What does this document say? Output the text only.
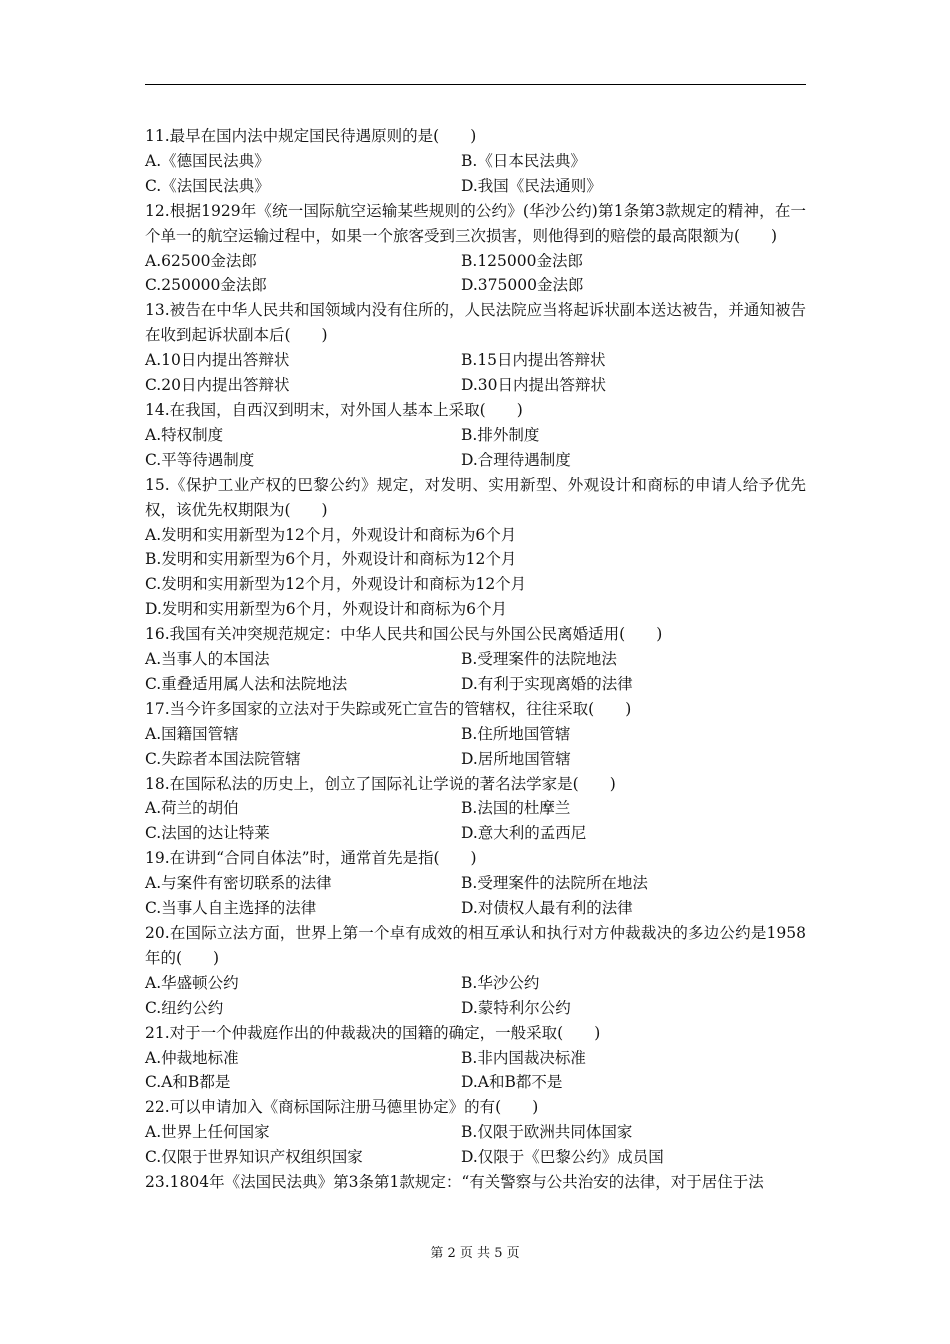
11.最早在国内法中规定国民待遇原则的是(　　)

A.《德国民法典》	B.《日本民法典》
C.《法国民法典》	D.我国《民法通则》

12.根据1929年《统一国际航空运输某些规则的公约》(华沙公约)第1条第3款规定的精神，在一个单一的航空运输过程中，如果一个旅客受到三次损害，则他得到的赔偿的最高限额为(　　)

A.62500金法郎	B.125000金法郎
C.250000金法郎	D.375000金法郎

13.被告在中华人民共和国领域内没有住所的，人民法院应当将起诉状副本送达被告，并通知被告在收到起诉状副本后(　　)

A.10日内提出答辩状	B.15日内提出答辩状
C.20日内提出答辩状	D.30日内提出答辩状

14.在我国，自西汉到明末，对外国人基本上采取(　　)

A.特权制度	B.排外制度
C.平等待遇制度	D.合理待遇制度

15.《保护工业产权的巴黎公约》规定，对发明、实用新型、外观设计和商标的申请人给予优先权，该优先权期限为(　　)

A.发明和实用新型为12个月，外观设计和商标为6个月
B.发明和实用新型为6个月，外观设计和商标为12个月
C.发明和实用新型为12个月，外观设计和商标为12个月
D.发明和实用新型为6个月，外观设计和商标为6个月

16.我国有关冲突规范规定：中华人民共和国公民与外国公民离婚适用(　　)

A.当事人的本国法	B.受理案件的法院地法
C.重叠适用属人法和法院地法	D.有利于实现离婚的法律

17.当今许多国家的立法对于失踪或死亡宣告的管辖权，往往采取(　　)

A.国籍国管辖	B.住所地国管辖
C.失踪者本国法院管辖	D.居所地国管辖

18.在国际私法的历史上，创立了国际礼让学说的著名法学家是(　　)

A.荷兰的胡伯	B.法国的杜摩兰
C.法国的达让特莱	D.意大利的孟西尼

19.在讲到“合同自体法”时，通常首先是指(　　)

A.与案件有密切联系的法律	B.受理案件的法院所在地法
C.当事人自主选择的法律	D.对债权人最有利的法律

20.在国际立法方面，世界上第一个卓有成效的相互承认和执行对方仲裁裁决的多边公约是1958年的(　　)

A.华盛顿公约	B.华沙公约
C.纽约公约	D.蒙特利尔公约

21.对于一个仲裁庭作出的仲裁裁决的国籍的确定，一般采取(　　)

A.仲裁地标准	B.非内国裁决标准
C.A和B都是	D.A和B都不是

22.可以申请加入《商标国际注册马德里协定》的有(　　)

A.世界上任何国家	B.仅限于欧洲共同体国家
C.仅限于世界知识产权组织国家	D.仅限于《巴黎公约》成员国

23.1804年《法国民法典》第3条第1款规定：“有关警察与公共治安的法律，对于居住于法

第 2 页 共 5 页
